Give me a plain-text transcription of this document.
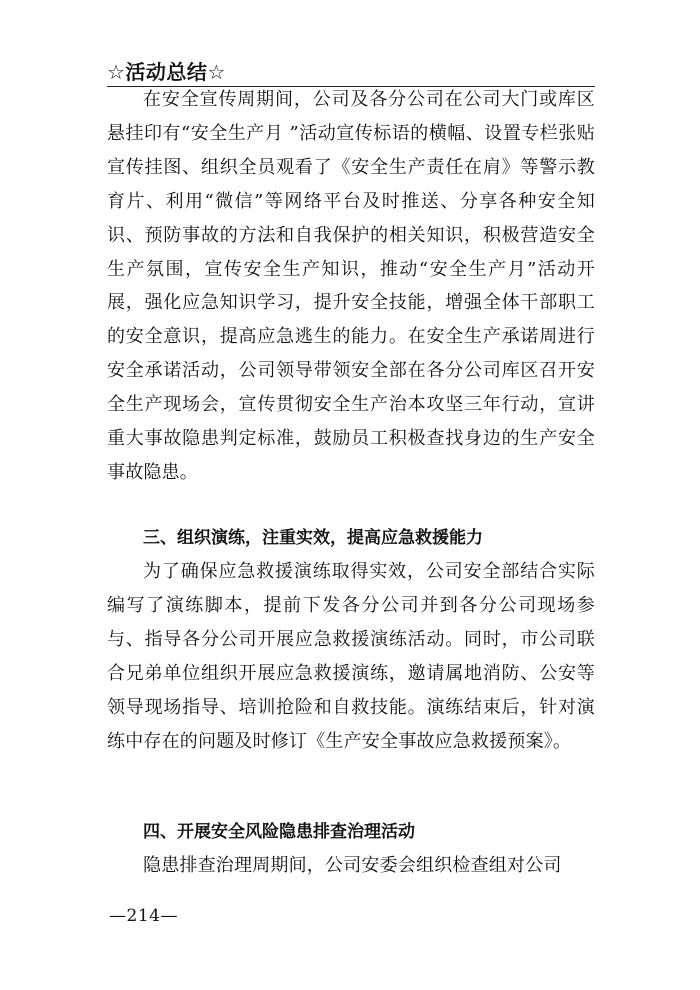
☆活动总结☆

在安全宣传周期间，公司及各分公司在公司大门或库区悬挂印有“安全生产月 ”活动宣传标语的横幅、设置专栏张贴宣传挂图、组织全员观看了《安全生产责任在肩》等警示教育片、利用“微信”等网络平台及时推送、分享各种安全知识、预防事故的方法和自我保护的相关知识，积极营造安全生产氛围，宣传安全生产知识，推动“安全生产月”活动开展，强化应急知识学习，提升安全技能，增强全体干部职工的安全意识，提高应急逃生的能力。在安全生产承诺周进行安全承诺活动，公司领导带领安全部在各分公司库区召开安全生产现场会，宣传贯彻安全生产治本攻坚三年行动，宣讲重大事故隐患判定标准，鼓励员工积极查找身边的生产安全事故隐患。

三、组织演练，注重实效，提高应急救援能力

为了确保应急救援演练取得实效，公司安全部结合实际编写了演练脚本，提前下发各分公司并到各分公司现场参与、指导各分公司开展应急救援演练活动。同时，市公司联合兄弟单位组织开展应急救援演练，邀请属地消防、公安等领导现场指导、培训抢险和自救技能。演练结束后，针对演练中存在的问题及时修订《生产安全事故应急救援预案》。

四、开展安全风险隐患排查治理活动

隐患排查治理周期间，公司安委会组织检查组对公司

—214—
